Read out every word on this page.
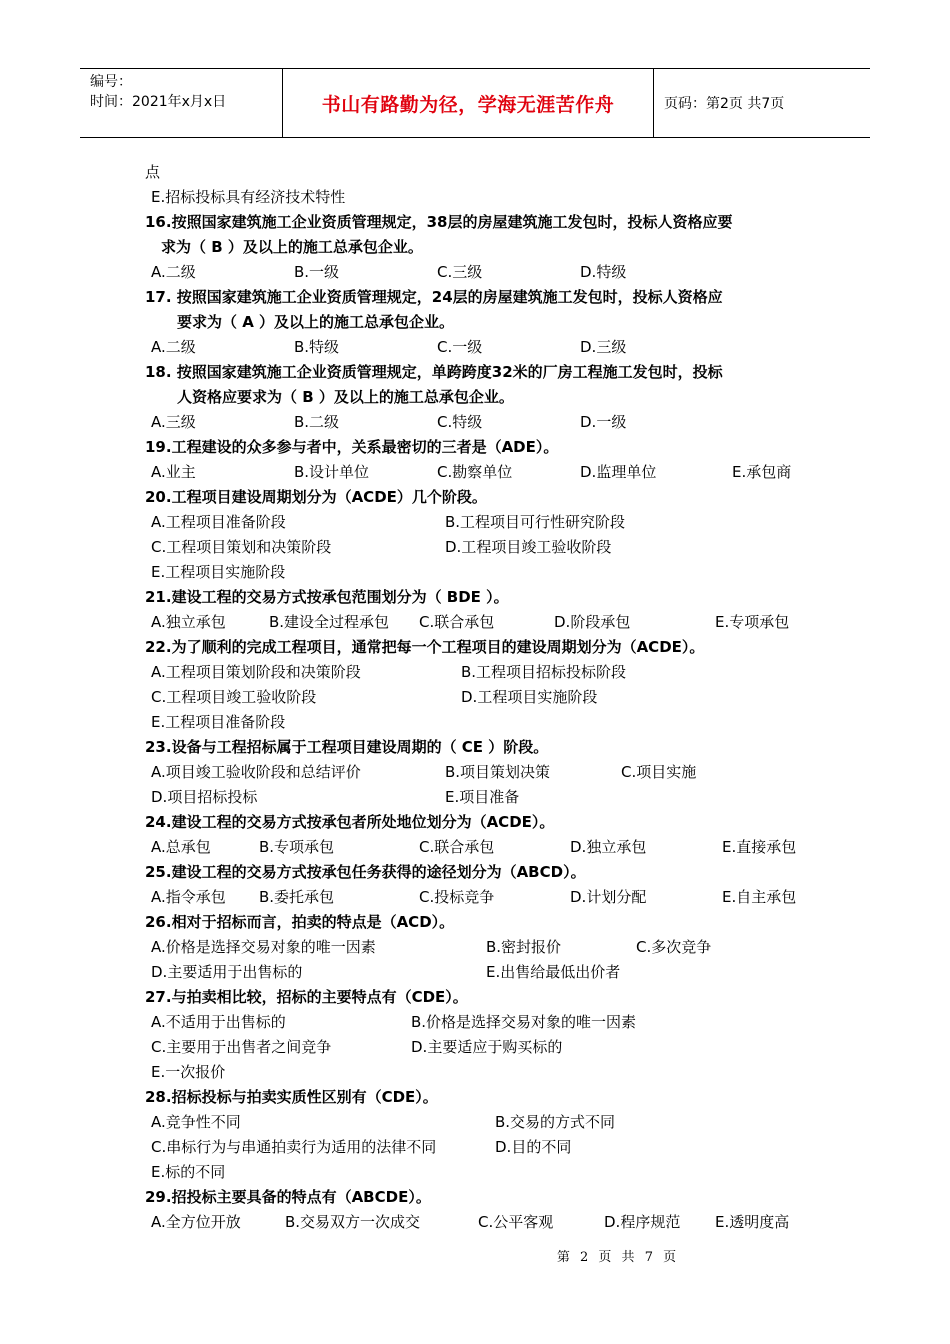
编号：
时间：2021年x月x日	书山有路勤为径，学海无涯苦作舟	页码：第2页 共7页
点
E.招标投标具有经济技术特性
16.按照国家建筑施工企业资质管理规定，38层的房屋建筑施工发包时，投标人资格应要
求为（ B ）及以上的施工总承包企业。
A.二级	B.一级	C.三级	D.特级
17. 按照国家建筑施工企业资质管理规定，24层的房屋建筑施工发包时，投标人资格应
要求为（ A ）及以上的施工总承包企业。
A.二级	B.特级	C.一级	D.三级
18. 按照国家建筑施工企业资质管理规定，单跨跨度32米的厂房工程施工发包时，投标
人资格应要求为（ B ）及以上的施工总承包企业。
A.三级	B.二级	C.特级	D.一级
19.工程建设的众多参与者中，关系最密切的三者是（ADE）。
A.业主	B.设计单位	C.勘察单位	D.监理单位	E.承包商
20.工程项目建设周期划分为（ACDE）几个阶段。
A.工程项目准备阶段	B.工程项目可行性研究阶段
C.工程项目策划和决策阶段	D.工程项目竣工验收阶段
E.工程项目实施阶段
21.建设工程的交易方式按承包范围划分为（ BDE ）。
A.独立承包	B.建设全过程承包 C.联合承包	D.阶段承包	E.专项承包
22.为了顺利的完成工程项目，通常把每一个工程项目的建设周期划分为（ACDE）。
A.工程项目策划阶段和决策阶段	B.工程项目招标投标阶段
C.工程项目竣工验收阶段	D.工程项目实施阶段
E.工程项目准备阶段
23.设备与工程招标属于工程项目建设周期的（ CE ）阶段。
A.项目竣工验收阶段和总结评价	B.项目策划决策	C.项目实施
D.项目招标投标	E.项目准备
24.建设工程的交易方式按承包者所处地位划分为（ACDE）。
A.总承包	B.专项承包	C.联合承包	D.独立承包	E.直接承包
25.建设工程的交易方式按承包任务获得的途径划分为（ABCD）。
A.指令承包 B.委托承包	C.投标竞争	D.计划分配	E.自主承包
26.相对于招标而言，拍卖的特点是（ACD）。
A.价格是选择交易对象的唯一因素	B.密封报价	C.多次竞争
D.主要适用于出售标的	E.出售给最低出价者
27.与拍卖相比较，招标的主要特点有（CDE）。
A.不适用于出售标的	B.价格是选择交易对象的唯一因素
C.主要用于出售者之间竞争	D.主要适应于购买标的
E.一次报价
28.招标投标与拍卖实质性区别有（CDE）。
A.竞争性不同	B.交易的方式不同
C.串标行为与串通拍卖行为适用的法律不同	D.目的不同
E.标的不同
29.招投标主要具备的特点有（ABCDE）。
A.全方位开放	B.交易双方一次成交	C.公平客观	D.程序规范 E.透明度高
第 2 页 共 7 页
